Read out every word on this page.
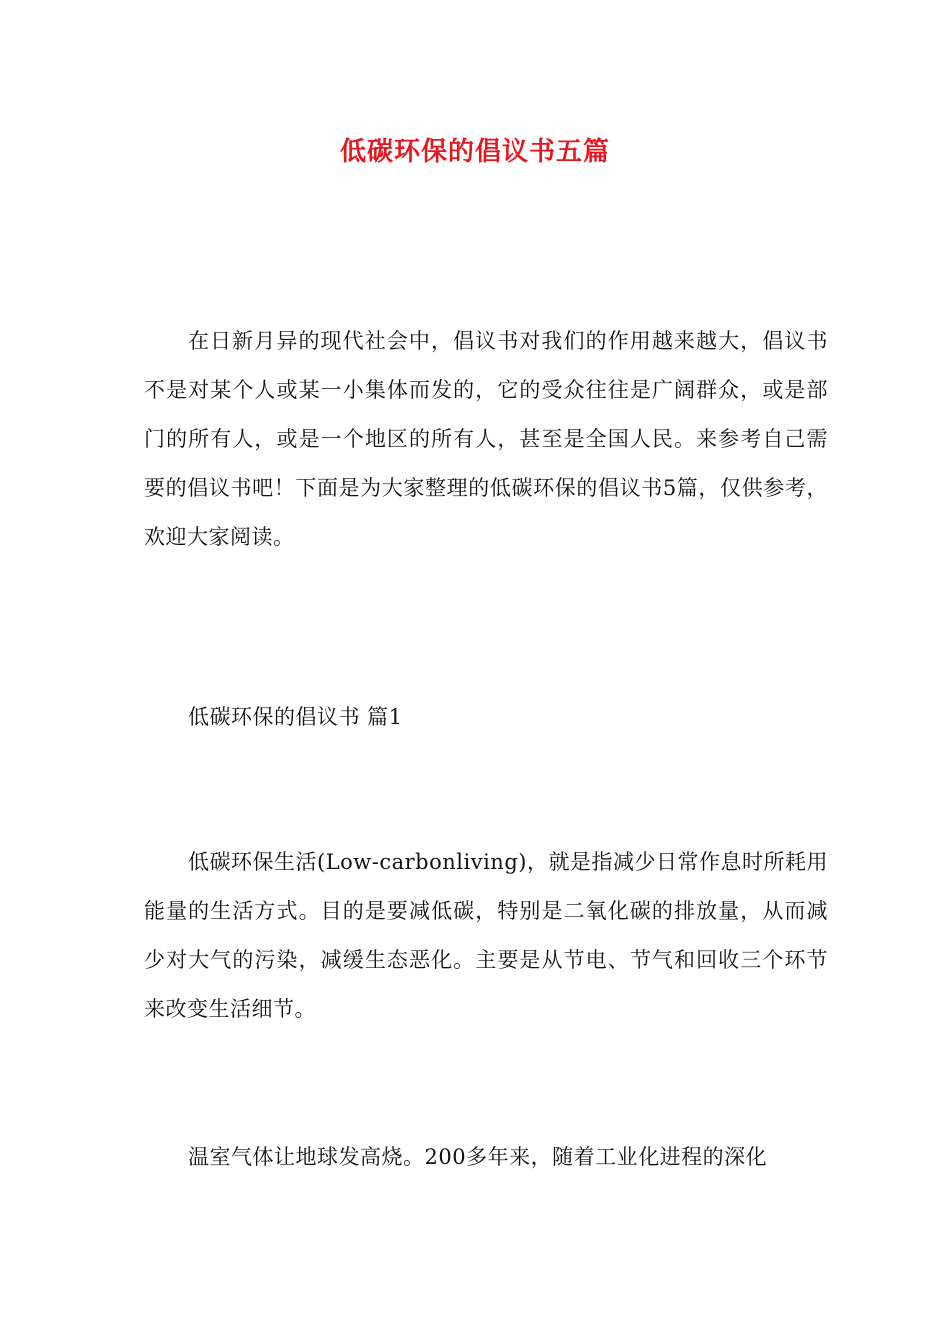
低碳环保的倡议书五篇

在日新月异的现代社会中，倡议书对我们的作用越来越大，倡议书不是对某个人或某一小集体而发的，它的受众往往是广阔群众，或是部门的所有人，或是一个地区的所有人，甚至是全国人民。来参考自己需要的倡议书吧！下面是为大家整理的低碳环保的倡议书5篇，仅供参考，欢迎大家阅读。

低碳环保的倡议书 篇1

低碳环保生活(Low-carbonliving)，就是指减少日常作息时所耗用能量的生活方式。目的是要减低碳，特别是二氧化碳的排放量，从而减少对大气的污染，减缓生态恶化。主要是从节电、节气和回收三个环节来改变生活细节。

温室气体让地球发高烧。200多年来，随着工业化进程的深化
